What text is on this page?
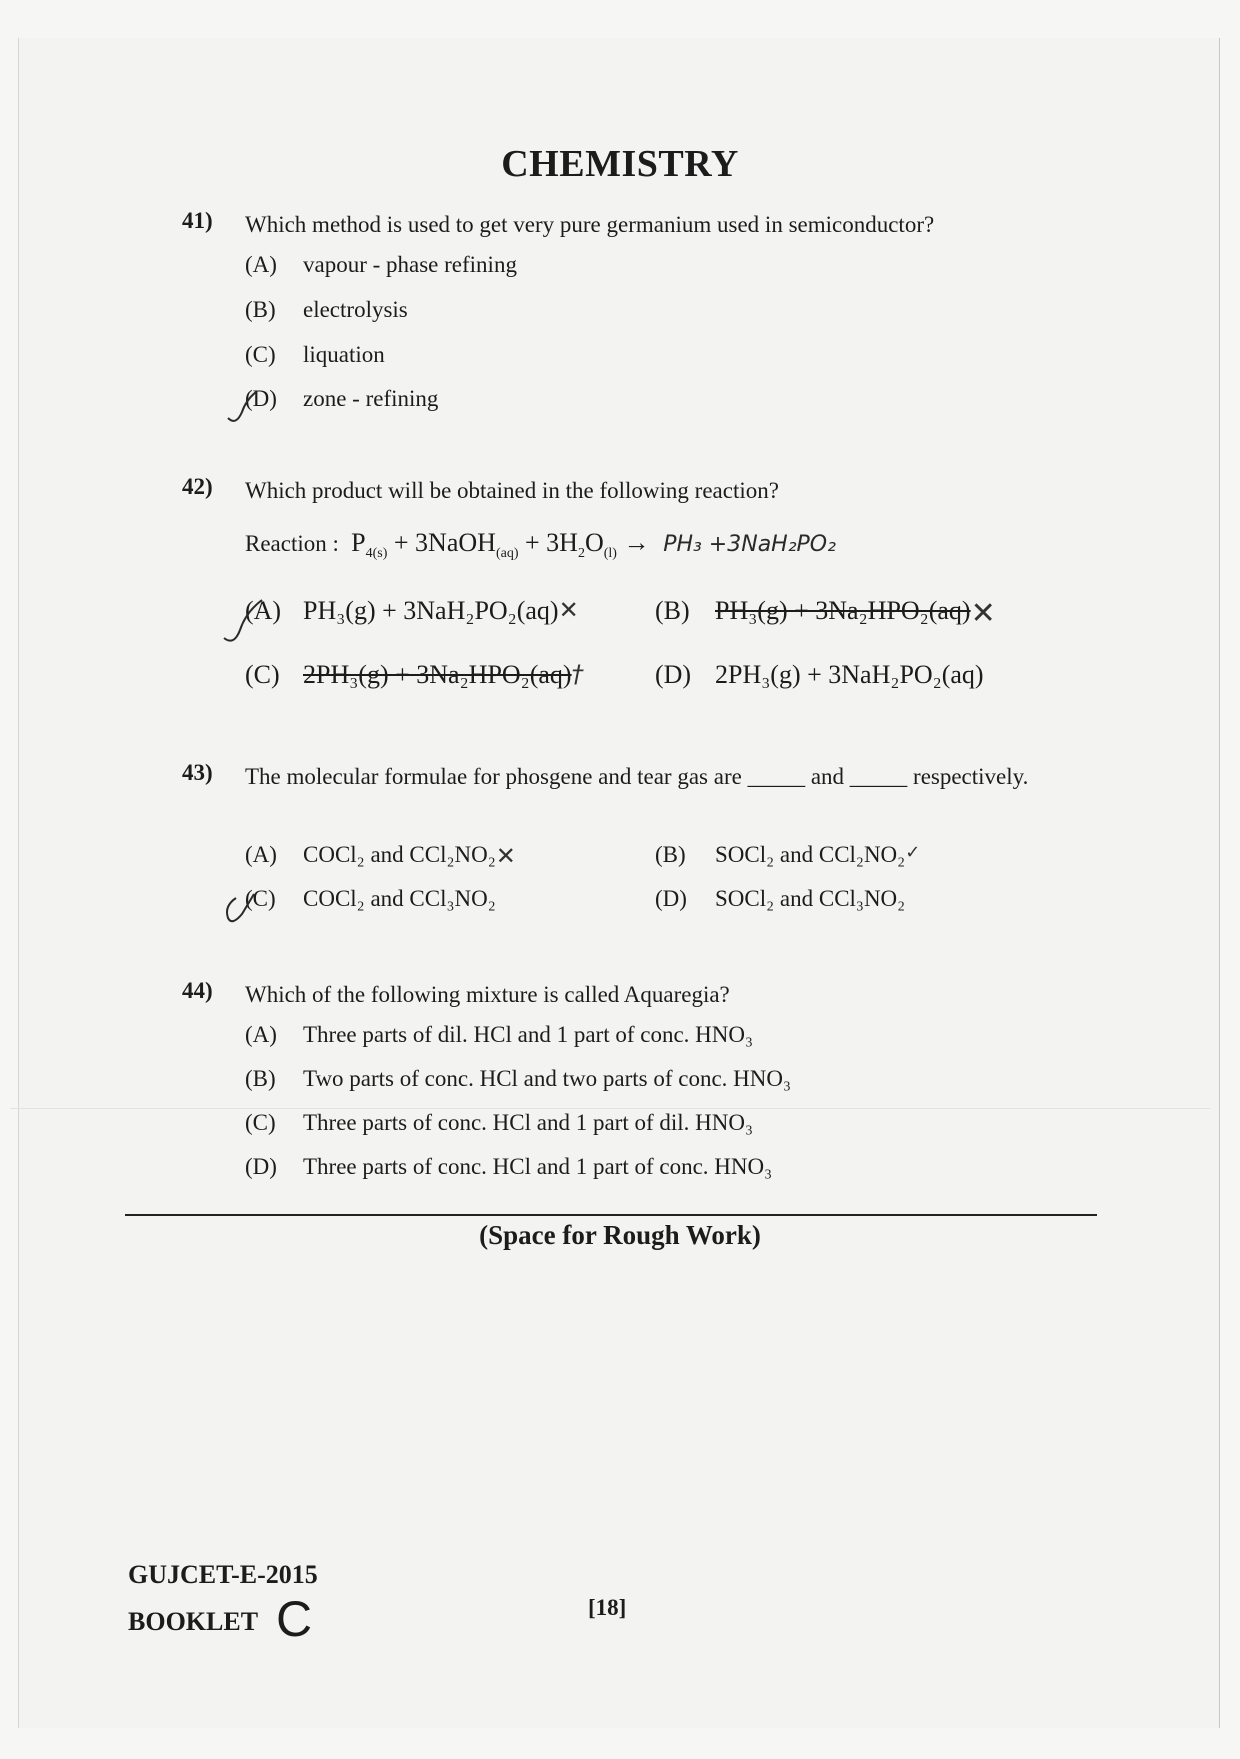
CHEMISTRY
41) Which method is used to get very pure germanium used in semiconductor?
(A) vapour - phase refining
(B) electrolysis
(C) liquation
(D) zone - refining
42) Which product will be obtained in the following reaction?
Reaction :  $P_{4(s)}$ + 3NaOH$_{(aq)}$ + $3H_2O_{(l)} \to PH_3 +3NaH_2PO_2$
(A) PH₃(g) + 3NaH₂PO₂(aq) ✕	(B) PH₃(g) + 3Na₂HPO₂(aq) ✕
(C) 2PH₃(g) + 3Na₂HPO₂(aq) †	(D) 2PH₃(g) + 3NaH₂PO₂(aq)
43) The molecular formulae for phosgene and tear gas are _____ and _____ respectively.
(A) COCl₂ and CCl₂NO₂ ✕	(B) SOCl₂ and CCl₂NO₂ ✓
(C) COCl₂ and CCl₃NO₂	(D) SOCl₂ and CCl₃NO₂
44) Which of the following mixture is called Aquaregia?
(A) Three parts of dil. HCl and 1 part of conc. HNO₃
(B) Two parts of conc. HCl and two parts of conc. HNO₃
(C) Three parts of conc. HCl and 1 part of dil. HNO₃
(D) Three parts of conc. HCl and 1 part of conc. HNO₃
(Space for Rough Work)
GUJCET-E-2015
BOOKLET C	[18]
